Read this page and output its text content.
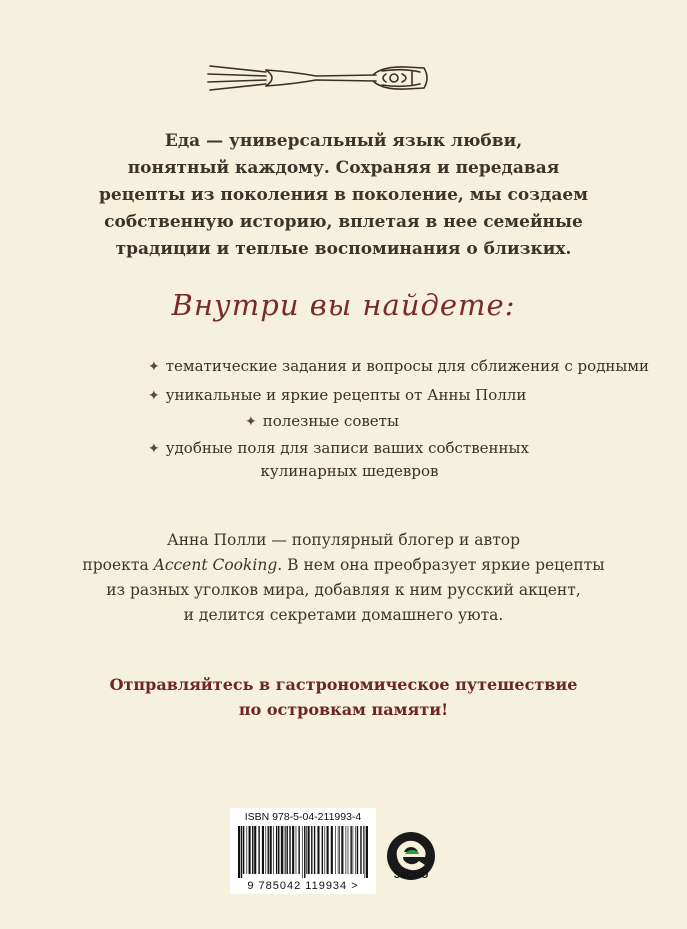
Еда — универсальный язык любви,
понятный каждому. Сохраняя и передавая
рецепты из поколения в поколение, мы создаем
собственную историю, вплетая в нее семейные
традиции и теплые воспоминания о близких.
Внутри вы найдете:
✦ тематические задания и вопросы для сближения с родными
✦ уникальные и яркие рецепты от Анны Полли
✦ полезные советы
✦ удобные поля для записи ваших собственных
кулинарных шедевров
Анна Полли — популярный блогер и автор
проекта Accent Cooking. В нем она преобразует яркие рецепты
из разных уголков мира, добавляя к ним русский акцент,
и делится секретами домашнего уюта.
Отправляйтесь в гастрономическое путешествие
по островкам памяти!
ISBN 978-5-04-211993-4
9 785042 119934 >
ЭКСМО
